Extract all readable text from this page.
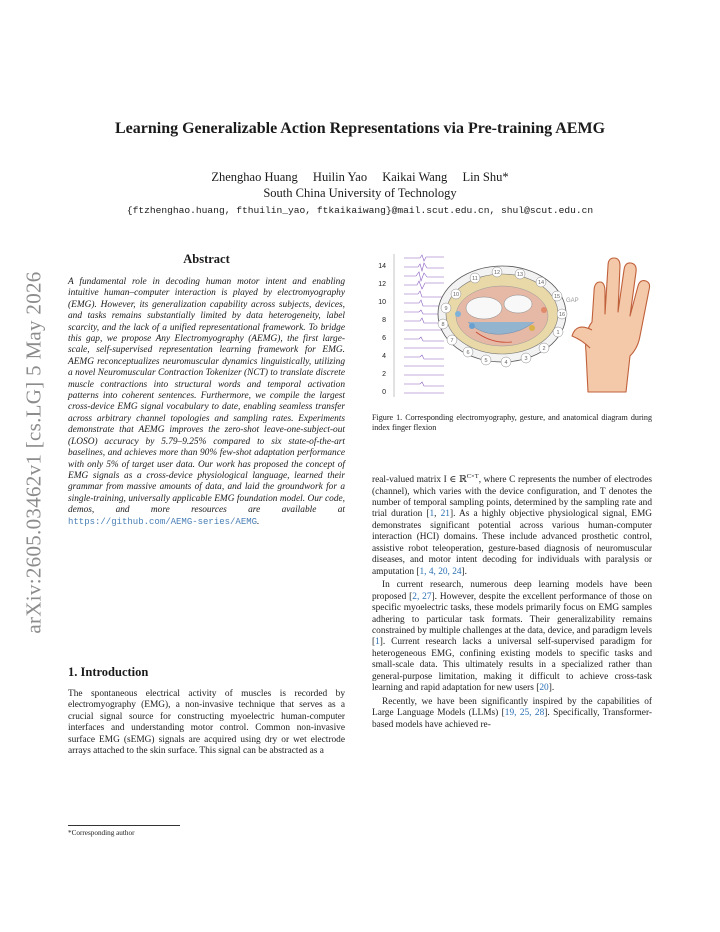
arXiv:2605.03462v1 [cs.LG] 5 May 2026
Learning Generalizable Action Representations via Pre-training AEMG
Zhenghao Huang Huilin Yao Kaikai Wang Lin Shu*
South China University of Technology
{ftzhenghao.huang, fthuilin_yao, ftkaikaiwang}@mail.scut.edu.cn, shul@scut.edu.cn
Abstract
A fundamental role in decoding human motor intent and enabling intuitive human–computer interaction is played by electromyography (EMG). However, its generalization capability across subjects, devices, and tasks remains substantially limited by data heterogeneity, label scarcity, and the lack of a unified representational framework. To bridge this gap, we propose Any Electromyography (AEMG), the first large-scale, self-supervised representation learning framework for EMG. AEMG reconceptualizes neuromuscular dynamics linguistically, utilizing a novel Neuromuscular Contraction Tokenizer (NCT) to translate discrete muscle contractions into structural words and temporal activation patterns into coherent sentences. Furthermore, we compile the largest cross-device EMG signal vocabulary to date, enabling seamless transfer across arbitrary channel topologies and sampling rates. Experiments demonstrate that AEMG improves the zero-shot leave-one-subject-out (LOSO) accuracy by 5.79–9.25% compared to six state-of-the-art baselines, and achieves more than 90% few-shot adaptation performance with only 5% of target user data. Our work has proposed the concept of EMG signals as a cross-device physiological language, learned their grammar from massive amounts of data, and laid the groundwork for a single-training, universally applicable EMG foundation model. Our code, demos, and more resources are available at https://github.com/AEMG-series/AEMG.
1. Introduction
The spontaneous electrical activity of muscles is recorded by electromyography (EMG), a non-invasive technique that serves as a crucial signal source for constructing myoelectric human-computer interfaces and understanding motor control. Common non-invasive surface EMG (sEMG) signals are acquired using dry or wet electrode arrays attached to the skin surface. This signal can be abstracted as a
*Corresponding author
14
12
10
8
6
4
2
0
10
11
12	13
14
15
16
1
2
3
4
5
6
7
8
9
GAP
Figure 1. Corresponding electromyography, gesture, and anatomical diagram during index finger flexion

real-valued matrix I ∈ ℝ$^{C\times T}$, where C represents the number of electrodes (channel), which varies with the device configuration, and T denotes the number of temporal sampling points, determined by the sampling rate and trial duration [1, 21]. As a highly objective physiological signal, EMG demonstrates significant potential across various human-computer interaction (HCI) domains. These include advanced prosthetic control, assistive robot teleoperation, gesture-based diagnosis of neuromuscular diseases, and motor intent decoding for individuals with paralysis or amputation [1, 4, 20, 24].

In current research, numerous deep learning models have been proposed [2, 27]. However, despite the excellent performance of those on specific myoelectric tasks, these models primarily focus on EMG samples adhering to particular task formats. Their generalizability remains constrained by multiple challenges at the data, device, and paradigm levels [1]. Current research lacks a universal self-supervised paradigm for heterogeneous EMG, confining existing models to specific tasks and small-scale data. This ultimately results in a specialized rather than general-purpose limitation, making it difficult to achieve cross-task learning and rapid adaptation for new users [20].

Recently, we have been significantly inspired by the capabilities of Large Language Models (LLMs) [19, 25, 28]. Specifically, Transformer-based models have achieved re-
